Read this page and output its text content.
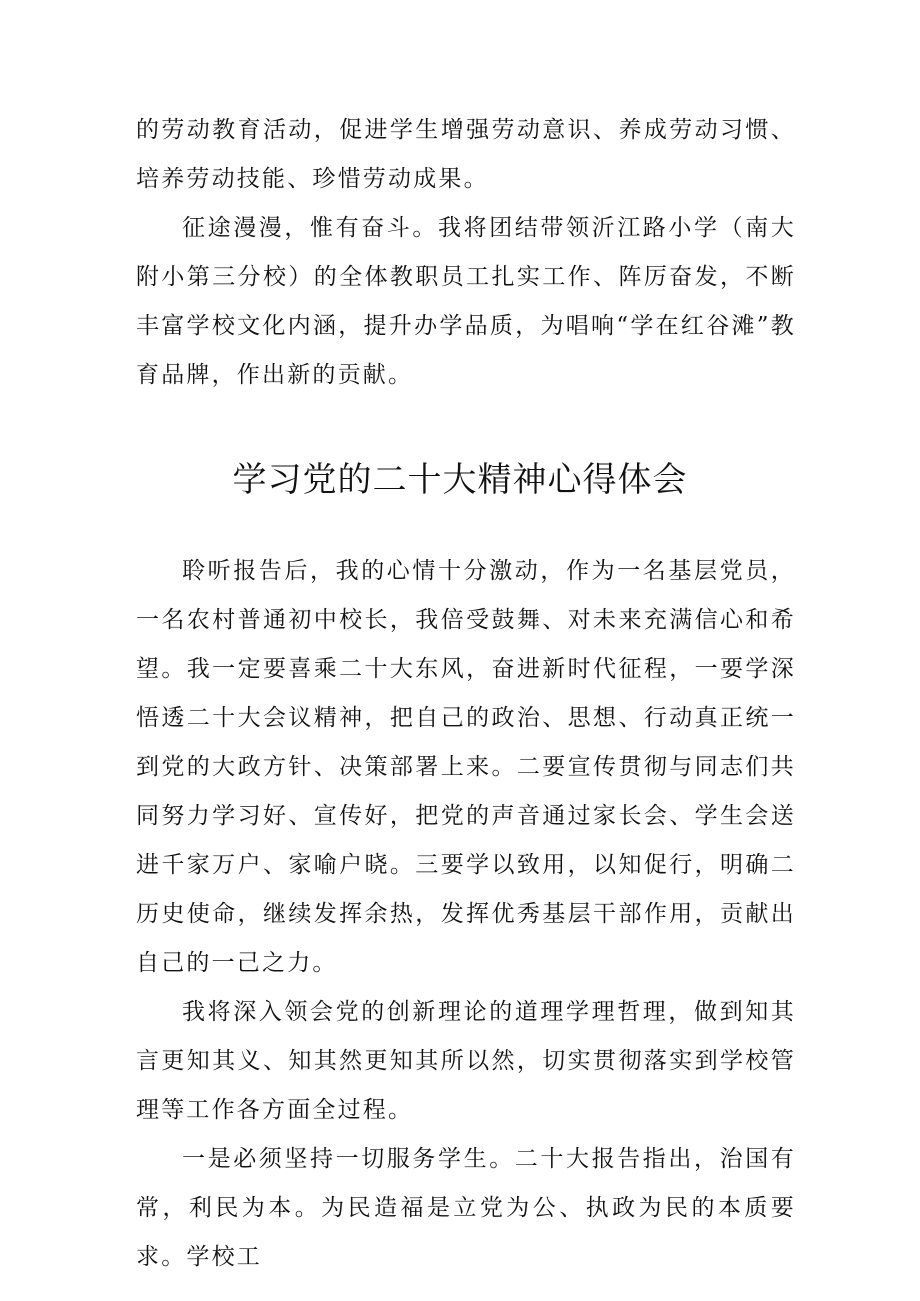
的劳动教育活动，促进学生增强劳动意识、养成劳动习惯、培养劳动技能、珍惜劳动成果。

征途漫漫，惟有奋斗。我将团结带领沂江路小学（南大附小第三分校）的全体教职员工扎实工作、阵厉奋发，不断丰富学校文化内涵，提升办学品质，为唱响“学在红谷滩”教育品牌，作出新的贡献。

学习党的二十大精神心得体会

聆听报告后，我的心情十分激动，作为一名基层党员，一名农村普通初中校长，我倍受鼓舞、对未来充满信心和希望。我一定要喜乘二十大东风，奋进新时代征程，一要学深悟透二十大会议精神，把自己的政治、思想、行动真正统一到党的大政方针、决策部署上来。二要宣传贯彻与同志们共同努力学习好、宣传好，把党的声音通过家长会、学生会送进千家万户、家喻户晓。三要学以致用，以知促行，明确二历史使命，继续发挥余热，发挥优秀基层干部作用，贡献出自己的一己之力。

我将深入领会党的创新理论的道理学理哲理，做到知其言更知其义、知其然更知其所以然，切实贯彻落实到学校管理等工作各方面全过程。

一是必须坚持一切服务学生。二十大报告指出，治国有常，利民为本。为民造福是立党为公、执政为民的本质要求。学校工
